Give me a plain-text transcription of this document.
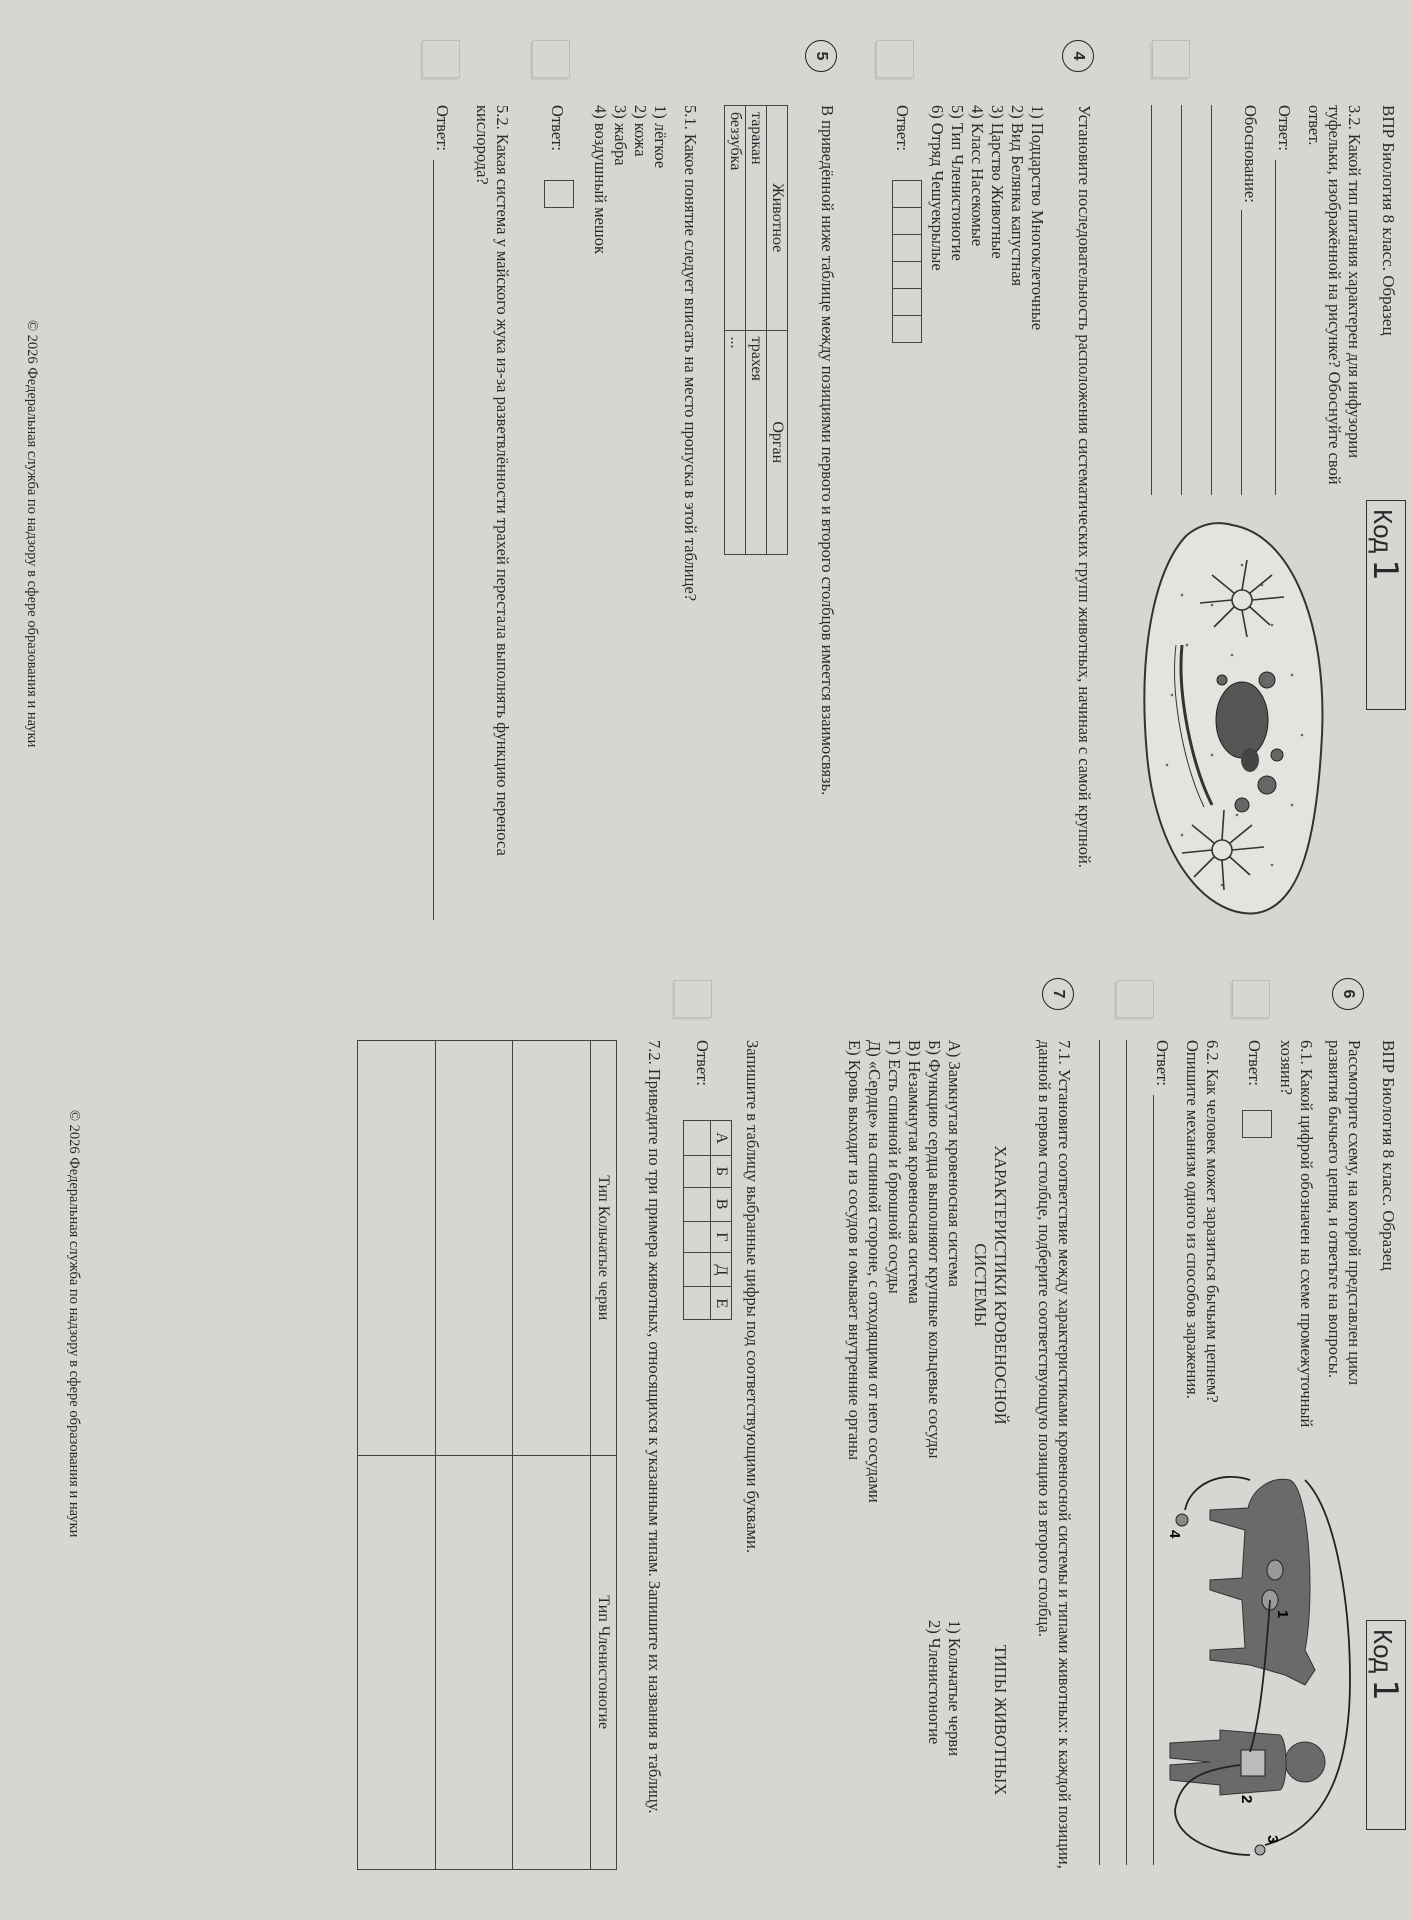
ВПР Биология 8 класс. Образец
Код1
3.2. Какой тип питания характерен для инфузории туфельки, изображённой на рисунке? Обоснуйте свой ответ.
Ответ:
Обоснование:
4
Установите последовательность расположения систематических групп животных, начиная с самой крупной.
1) Подцарство Многоклеточные
2) Вид Белянка капустная
3) Царство Животные
4) Класс Насекомые
5) Тип Членистоногие
6) Отряд Чешуекрылые
Ответ:
5
В приведённой ниже таблице между позициями первого и второго столбцов имеется взаимосвязь.
Животное	Орган
таракан	трахея
беззубка	...
5.1. Какое понятие следует вписать на место пропуска в этой таблице?
1) лёгкое
2) кожа
3) жабра
4) воздушный мешок
Ответ:
5.2. Какая система у майского жука из-за разветвлённости трахей перестала выполнять функцию переноса кислорода?
Ответ:
© 2026 Федеральная служба по надзору в сфере образования и науки
ВПР Биология 8 класс. Образец
Код1
6
Рассмотрите схему, на которой представлен цикл развития бычьего цепня, и ответьте на вопросы.
6.1. Какой цифрой обозначен на схеме промежуточный хозяин?
Ответ:
6.2. Как человек может заразиться бычьим цепнем? Опишите механизм одного из способов заражения.
Ответ:
1
2
3
4
7
7.1. Установите соответствие между характеристиками кровеносной системы и типами животных: к каждой позиции, данной в первом столбце, подберите соответствующую позицию из второго столбца.
ХАРАКТЕРИСТИКИ КРОВЕНОСНОЙ СИСТЕМЫ
ТИПЫ ЖИВОТНЫХ
А) Замкнутая кровеносная система
Б) Функцию сердца выполняют крупные кольцевые сосуды
В) Незамкнутая кровеносная система
Г) Есть спинной и брюшной сосуды
Д) «Сердце» на спинной стороне, с отходящими от него сосудами
Е) Кровь выходит из сосудов и омывает внутренние органы
1) Кольчатые черви
2) Членистоногие
Запишите в таблицу выбранные цифры под соответствующими буквами.
Ответ:
А	Б	В	Г	Д	Е

7.2. Приведите по три примера животных, относящихся к указанным типам. Запишите их названия в таблицу.
Тип Кольчатые черви	Тип Членистоногие

© 2026 Федеральная служба по надзору в сфере образования и науки
